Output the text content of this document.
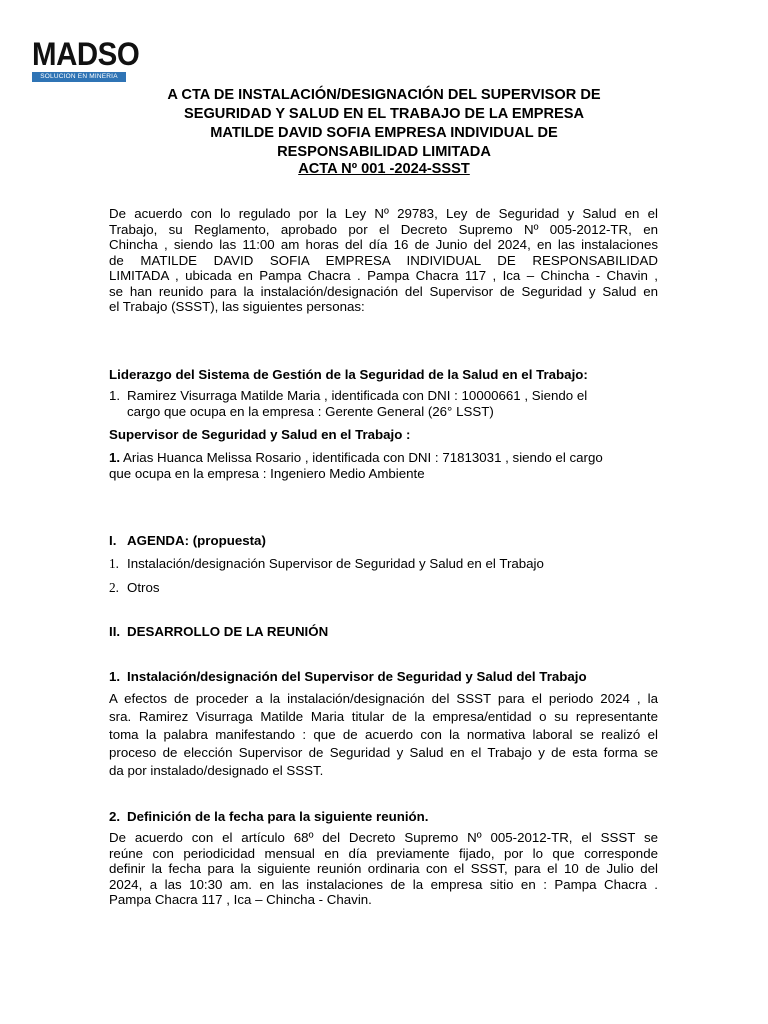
MADSO
SOLUCION EN MINERIA
A CTA DE INSTALACIÓN/DESIGNACIÓN DEL SUPERVISOR DE
SEGURIDAD Y SALUD EN EL TRABAJO DE LA EMPRESA
MATILDE DAVID SOFIA EMPRESA INDIVIDUAL DE
RESPONSABILIDAD LIMITADA
ACTA Nº 001 -2024-SSST
De acuerdo con lo regulado por la Ley Nº 29783, Ley de Seguridad y Salud en el
Trabajo, su Reglamento, aprobado por el Decreto Supremo Nº 005-2012-TR, en
Chincha , siendo las 11:00 am horas del día 16 de Junio del 2024, en las instalaciones
de MATILDE DAVID SOFIA EMPRESA INDIVIDUAL DE RESPONSABILIDAD
LIMITADA , ubicada en Pampa Chacra . Pampa Chacra 117 , Ica – Chincha - Chavin ,
se han reunido para la instalación/designación del Supervisor de Seguridad y Salud en
el Trabajo (SSST), las siguientes personas:
Liderazgo del Sistema de Gestión de la Seguridad de la Salud en el Trabajo:
1. Ramirez Visurraga Matilde Maria , identificada con DNI : 10000661 , Siendo el
cargo que ocupa en la empresa : Gerente General (26° LSST)
Supervisor de Seguridad y Salud en el Trabajo :
1. Arias Huanca Melissa Rosario , identificada con DNI : 71813031 , siendo el cargo
que ocupa en la empresa : Ingeniero Medio Ambiente
I. AGENDA: (propuesta)
1. Instalación/designación Supervisor de Seguridad y Salud en el Trabajo
2. Otros
II. DESARROLLO DE LA REUNIÓN
1. Instalación/designación del Supervisor de Seguridad y Salud del Trabajo
A efectos de proceder a la instalación/designación del SSST para el periodo 2024 , la
sra. Ramirez Visurraga Matilde Maria titular de la empresa/entidad o su representante
toma la palabra manifestando : que de acuerdo con la normativa laboral se realizó el
proceso de elección Supervisor de Seguridad y Salud en el Trabajo y de esta forma se
da por instalado/designado el SSST.
2. Definición de la fecha para la siguiente reunión.
De acuerdo con el artículo 68º del Decreto Supremo Nº 005-2012-TR, el SSST se
reúne con periodicidad mensual en día previamente fijado, por lo que corresponde
definir la fecha para la siguiente reunión ordinaria con el SSST, para el 10 de Julio del
2024, a las 10:30 am. en las instalaciones de la empresa sitio en : Pampa Chacra .
Pampa Chacra 117 , Ica – Chincha - Chavin.
